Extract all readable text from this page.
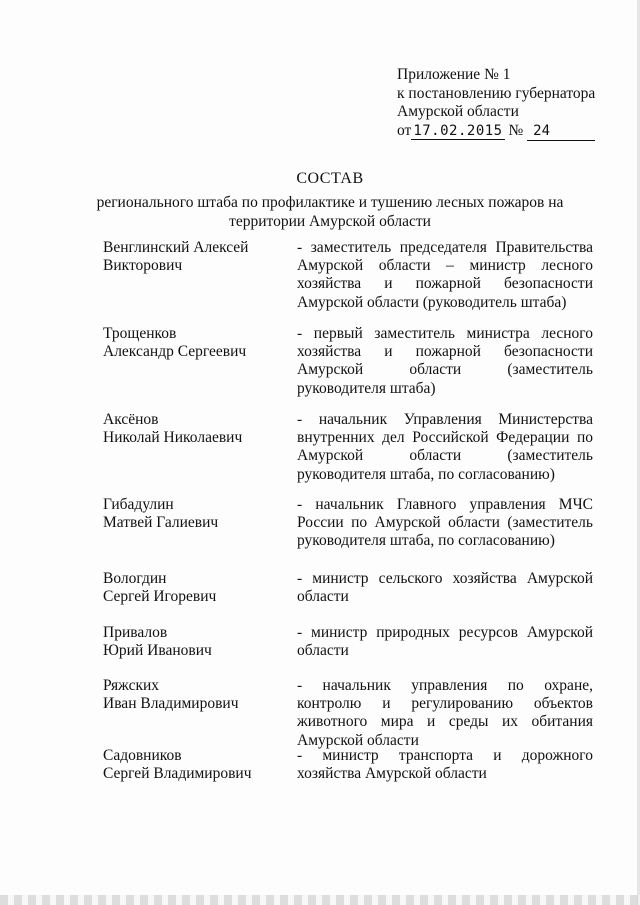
Приложение № 1
к постановлению губернатора
Амурской области
от 17.02.2015 № 24
СОСТАВ
регионального штаба по профилактике и тушению лесных пожаров на
территории Амурской области
Венглинский Алексей
Викторович
- заместитель председателя Правительства Амурской области – министр лесного хозяйства и пожарной безопасности Амурской области (руководитель штаба)
Трощенков
Александр Сергеевич
- первый заместитель министра лесного хозяйства и пожарной безопасности Амурской области (заместитель руководителя штаба)
Аксёнов
Николай Николаевич
- начальник Управления Министерства внутренних дел Российской Федерации по Амурской области (заместитель руководителя штаба, по согласованию)
Гибадулин
Матвей Галиевич
- начальник Главного управления МЧС России по Амурской области (заместитель руководителя штаба, по согласованию)
Вологдин
Сергей Игоревич
- министр сельского хозяйства Амурской области
Привалов
Юрий Иванович
- министр природных ресурсов Амурской области
Ряжских
Иван Владимирович
- начальник управления по охране, контролю и регулированию объектов животного мира и среды их обитания Амурской области
Садовников
Сергей Владимирович
- министр транспорта и дорожного хозяйства Амурской области
